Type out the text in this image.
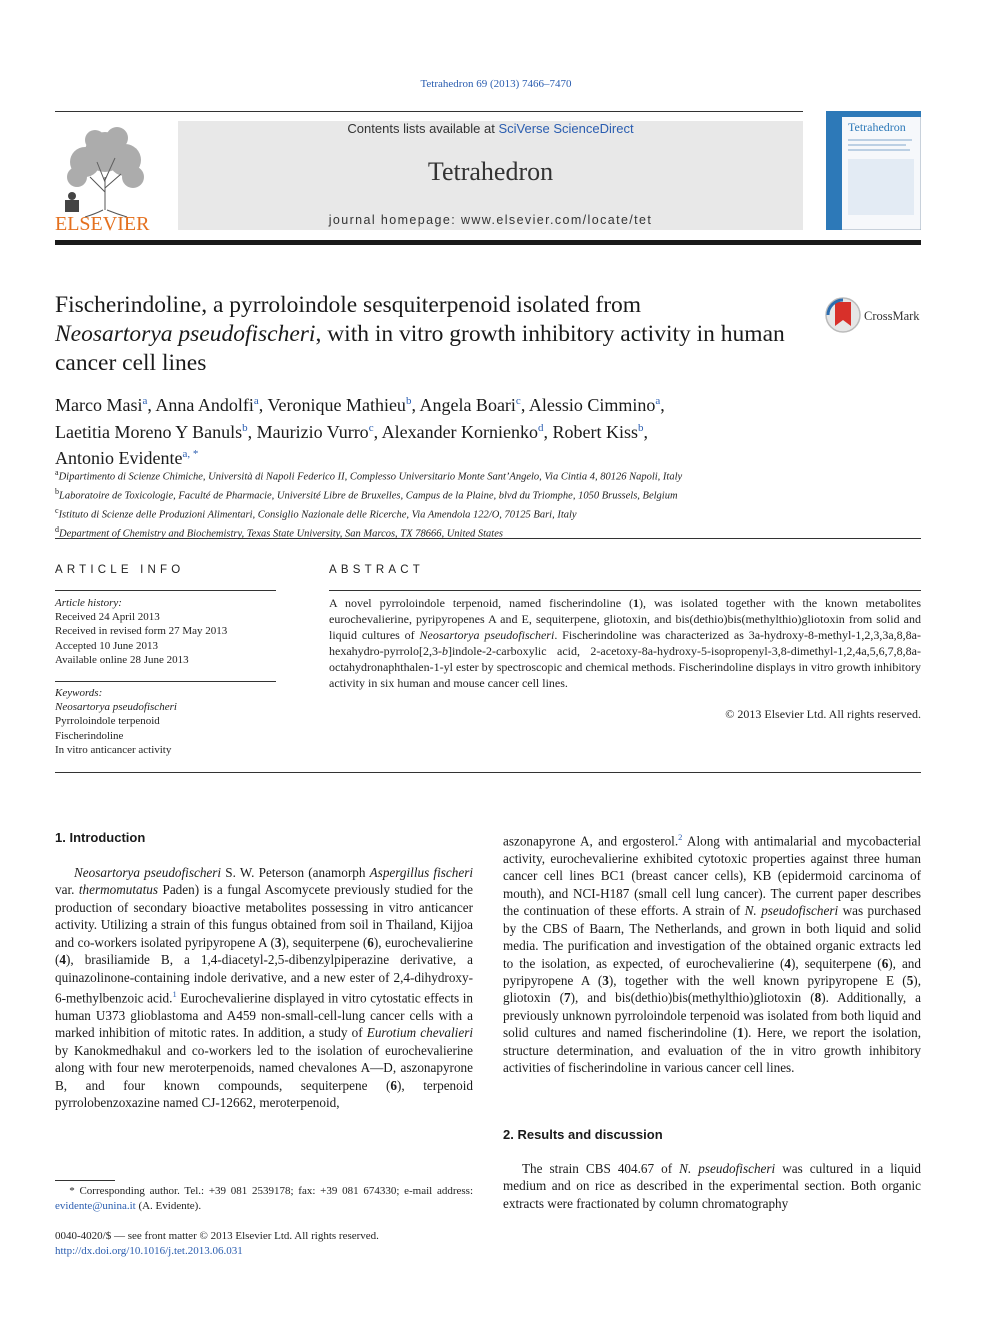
Tetrahedron 69 (2013) 7466–7470
ELSEVIER
Contents lists available at SciVerse ScienceDirect
Tetrahedron
journal homepage: www.elsevier.com/locate/tet
Tetrahedron
Fischerindoline, a pyrroloindole sesquiterpenoid isolated from
Neosartorya pseudofischeri, with in vitro growth inhibitory activity in human cancer cell lines
CrossMark
Marco Masi$^a$, Anna Andolfi$^a$, Veronique Mathieu$^b$, Angela Boari$^c$, Alessio Cimmino$^a$,
Laetitia Moreno Y Banuls$^b$, Maurizio Vurro$^c$, Alexander Kornienko$^d$, Robert Kiss$^b$,
Antonio Evidente$^{a, *}$
$^a$Dipartimento di Scienze Chimiche, Università di Napoli Federico II, Complesso Universitario Monte Sant’Angelo, Via Cintia 4, 80126 Napoli, Italy
$^b$Laboratoire de Toxicologie, Faculté de Pharmacie, Université Libre de Bruxelles, Campus de la Plaine, blvd du Triomphe, 1050 Brussels, Belgium
$^c$Istituto di Scienze delle Produzioni Alimentari, Consiglio Nazionale delle Ricerche, Via Amendola 122/O, 70125 Bari, Italy
$^d$Department of Chemistry and Biochemistry, Texas State University, San Marcos, TX 78666, United States
ARTICLE INFO	ABSTRACT
Article history:
Received 24 April 2013
Received in revised form 27 May 2013
Accepted 10 June 2013
Available online 28 June 2013
Keywords:
Neosartorya pseudofischeri
Pyrroloindole terpenoid
Fischerindoline
In vitro anticancer activity
A novel pyrroloindole terpenoid, named fischerindoline (1), was isolated together with the known metabolites eurochevalierine, pyripyropenes A and E, sequiterpene, gliotoxin, and bis(dethio)bis(methylthio)gliotoxin from solid and liquid cultures of Neosartorya pseudofischeri. Fischerindoline was characterized as 3a-hydroxy-8-methyl-1,2,3,3a,8,8a-hexahydro-pyrrolo[2,3-b]indole-2-carboxylic acid, 2-acetoxy-8a-hydroxy-5-isopropenyl-3,8-dimethyl-1,2,4a,5,6,7,8,8a-octahydronaphthalen-1-yl ester by spectroscopic and chemical methods. Fischerindoline displays in vitro growth inhibitory activity in six human and mouse cancer cell lines.
© 2013 Elsevier Ltd. All rights reserved.
1. Introduction

Neosartorya pseudofischeri S. W. Peterson (anamorph Aspergillus fischeri var. thermomutatus Paden) is a fungal Ascomycete previously studied for the production of secondary bioactive metabolites possessing in vitro anticancer activity. Utilizing a strain of this fungus obtained from soil in Thailand, Kijjoa and co-workers isolated pyripyropene A (3), sequiterpene (6), eurochevalierine (4), brasiliamide B, a 1,4-diacetyl-2,5-dibenzylpiperazine derivative, a quinazolinone-containing indole derivative, and a new ester of 2,4-dihydroxy-6-methylbenzoic acid.$^1$ Eurochevalierine displayed in vitro cytostatic effects in human U373 glioblastoma and A459 non-small-cell-lung cancer cells with a marked inhibition of mitotic rates. In addition, a study of Eurotium chevalieri by Kanokmedhakul and co-workers led to the isolation of eurochevalierine along with four new meroterpenoids, named chevalones A—D, aszonapyrone B, and four known compounds, sequiterpene (6), terpenoid pyrrolobenzoxazine named CJ-12662, meroterpenoid,

aszonapyrone A, and ergosterol.$^2$ Along with antimalarial and mycobacterial activity, eurochevalierine exhibited cytotoxic properties against three human cancer cell lines BC1 (breast cancer cells), KB (epidermoid carcinoma of mouth), and NCI-H187 (small cell lung cancer). The current paper describes the continuation of these efforts. A strain of N. pseudofischeri was purchased by the CBS of Baarn, The Netherlands, and grown in both liquid and solid media. The purification and investigation of the obtained organic extracts led to the isolation, as expected, of eurochevalierine (4), sequiterpene (6), and pyripyropene A (3), together with the well known pyripyropene E (5), gliotoxin (7), and bis(dethio)bis(methylthio)gliotoxin (8). Additionally, a previously unknown pyrroloindole terpenoid was isolated from both liquid and solid cultures and named fischerindoline (1). Here, we report the isolation, structure determination, and evaluation of the in vitro growth inhibitory activities of fischerindoline in various cancer cell lines.

2. Results and discussion

The strain CBS 404.67 of N. pseudofischeri was cultured in a liquid medium and on rice as described in the experimental section. Both organic extracts were fractionated by column chromatography

* Corresponding author. Tel.: +39 081 2539178; fax: +39 081 674330; e-mail address: evidente@unina.it (A. Evidente).
0040-4020/$ — see front matter © 2013 Elsevier Ltd. All rights reserved.
http://dx.doi.org/10.1016/j.tet.2013.06.031
